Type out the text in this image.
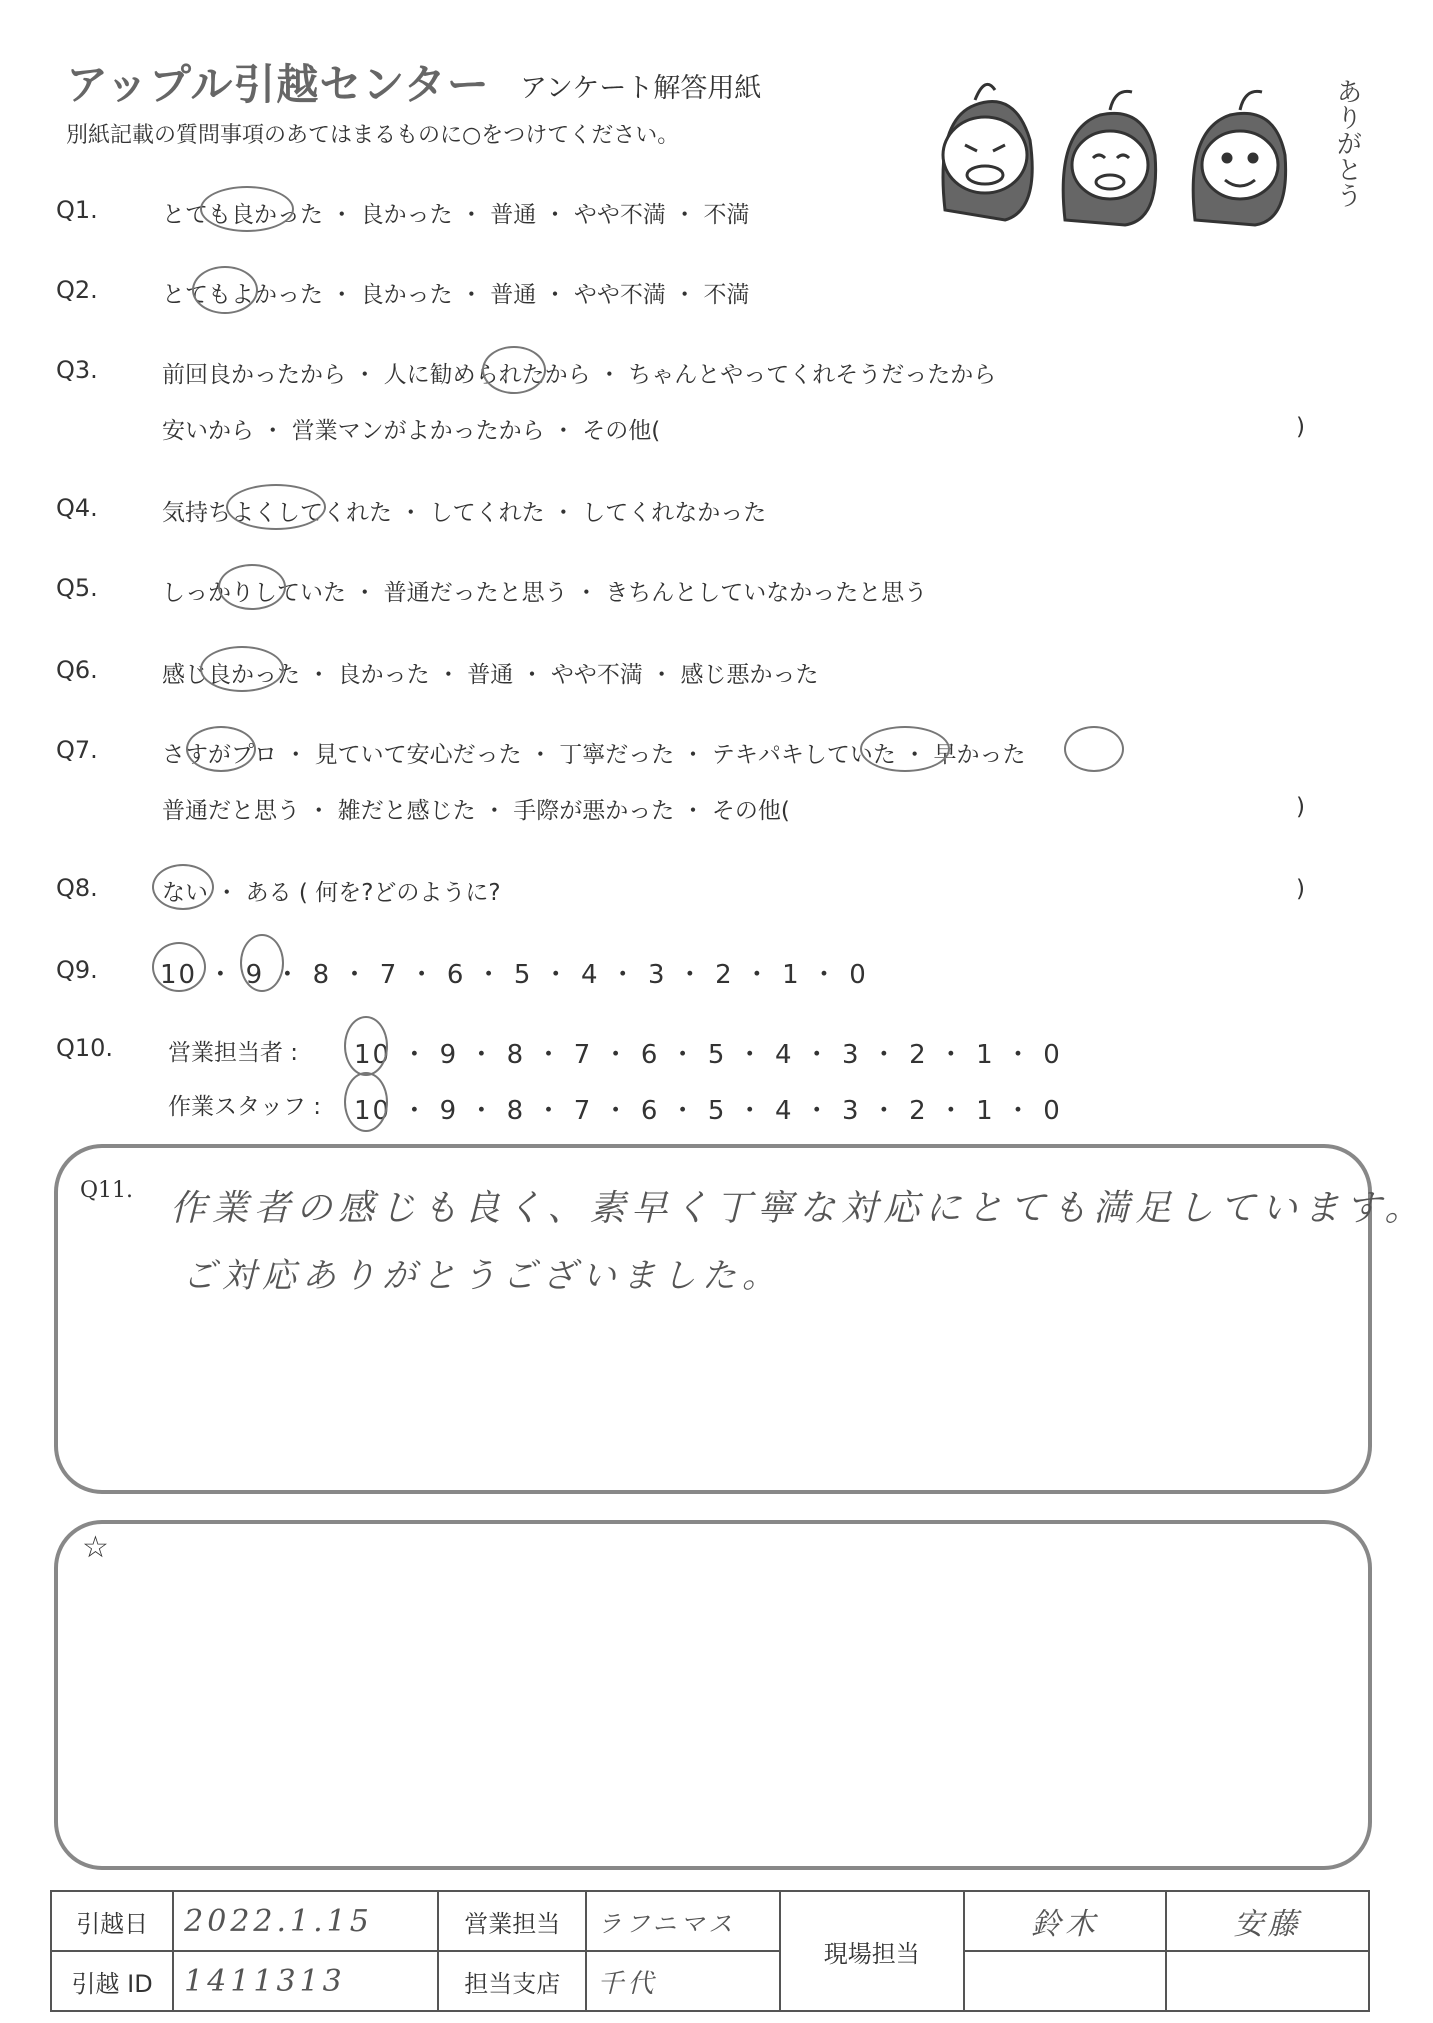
アップル引越センター アンケート解答用紙
別紙記載の質問事項のあてはまるものに○をつけてください。	ありがとう
Q1.	とても良かった ・ 良かった ・ 普通 ・ やや不満 ・ 不満
Q2.	とてもよかった ・ 良かった ・ 普通 ・ やや不満 ・ 不満
Q3.	前回良かったから ・ 人に勧められたから ・ ちゃんとやってくれそうだったから
安いから ・ 営業マンがよかったから ・ その他(	)
Q4.	気持ちよくしてくれた ・ してくれた ・ してくれなかった
Q5.	しっかりしていた ・ 普通だったと思う ・ きちんとしていなかったと思う
Q6.	感じ良かった ・ 良かった ・ 普通 ・ やや不満 ・ 感じ悪かった
Q7.	さすがプロ ・ 見ていて安心だった ・ 丁寧だった ・ テキパキしていた ・ 早かった
普通だと思う ・ 雑だと感じた ・ 手際が悪かった ・ その他(	)
Q8.	ない ・ ある ( 何を?どのように?	)
Q9. 10 ・ 9 ・ 8 ・ 7 ・ 6 ・ 5 ・ 4 ・ 3 ・ 2 ・ 1 ・ 0
Q10. 営業担当者 : 10 ・ 9 ・ 8 ・ 7 ・ 6 ・ 5 ・ 4 ・ 3 ・ 2 ・ 1 ・ 0
作業スタッフ : 10 ・ 9 ・ 8 ・ 7 ・ 6 ・ 5 ・ 4 ・ 3 ・ 2 ・ 1 ・ 0
Q11. 作業者の感じも良く、素早く丁寧な対応にとても満足しています。
ご対応ありがとうございました。
☆
引越日	2022.1.15	営業担当	ラフニマス	現場担当	鈴木	安藤
引越 ID	1411313	担当支店	千代			
